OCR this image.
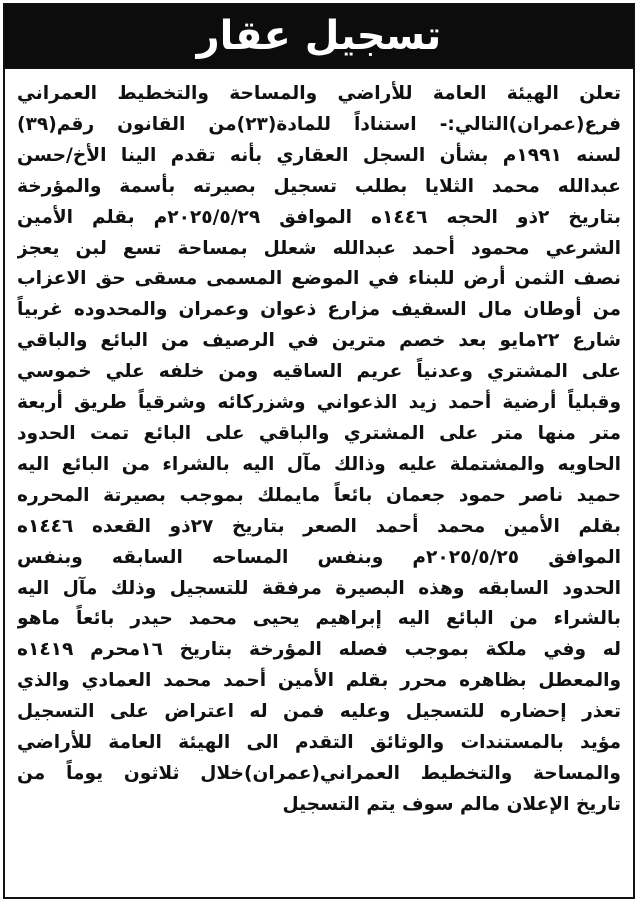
تسجيل عقار
تعلن الهيئة العامة للأراضي والمساحة والتخطيط العمراني
فرع(عمران)التالي:- استناداً للمادة(٢٣)من القانون رقم(٣٩)
لسنه ١٩٩١م بشأن السجل العقاري بأنه تقدم الينا الأخ/حسن
عبدالله محمد الثلايا بطلب تسجيل بصيرته بأسمة والمؤرخة
بتاريخ ٢ذو الحجه ١٤٤٦ه الموافق ٢٠٢٥/٥/٢٩م بقلم الأمين
الشرعي محمود أحمد عبدالله شعلل بمساحة تسع لبن يعجز
نصف الثمن أرض للبناء في الموضع المسمى مسقى حق الاعزاب
من أوطان مال السقيف مزارع ذعوان وعمران والمحدوده غربياً
شارع ٢٢مايو بعد خصم مترين في الرصيف من البائع والباقي
على المشتري وعدنياً عريم الساقيه ومن خلفه علي خموسي
وقبلياً أرضية أحمد زيد الذعواني وشزركائه وشرقياً طريق أربعة
متر منها متر على المشتري والباقي على البائع تمت الحدود
الحاويه والمشتملة عليه وذالك مآل اليه بالشراء من البائع اليه
حميد ناصر حمود جعمان بائعاً مايملك بموجب بصيرتة المحرره
بقلم الأمين محمد أحمد الصعر بتاريخ ٢٧ذو القعده ١٤٤٦ه
الموافق ٢٠٢٥/٥/٢٥م وبنفس المساحه السابقه وبنفس
الحدود السابقه وهذه البصيرة مرفقة للتسجيل وذلك مآل اليه
بالشراء من البائع اليه إبراهيم يحيى محمد حيدر بائعاً ماهو
له وفي ملكة بموجب فصله المؤرخة بتاريخ ١٦محرم ١٤١٩ه
والمعطل بظاهره محرر بقلم الأمين أحمد محمد العمادي والذي
تعذر إحضاره للتسجيل وعليه فمن له اعتراض على التسجيل
مؤيد بالمستندات والوثائق التقدم الى الهيئة العامة للأراضي
والمساحة والتخطيط العمراني(عمران)خلال ثلاثون يوماً من
تاريخ الإعلان مالم سوف يتم التسجيل
